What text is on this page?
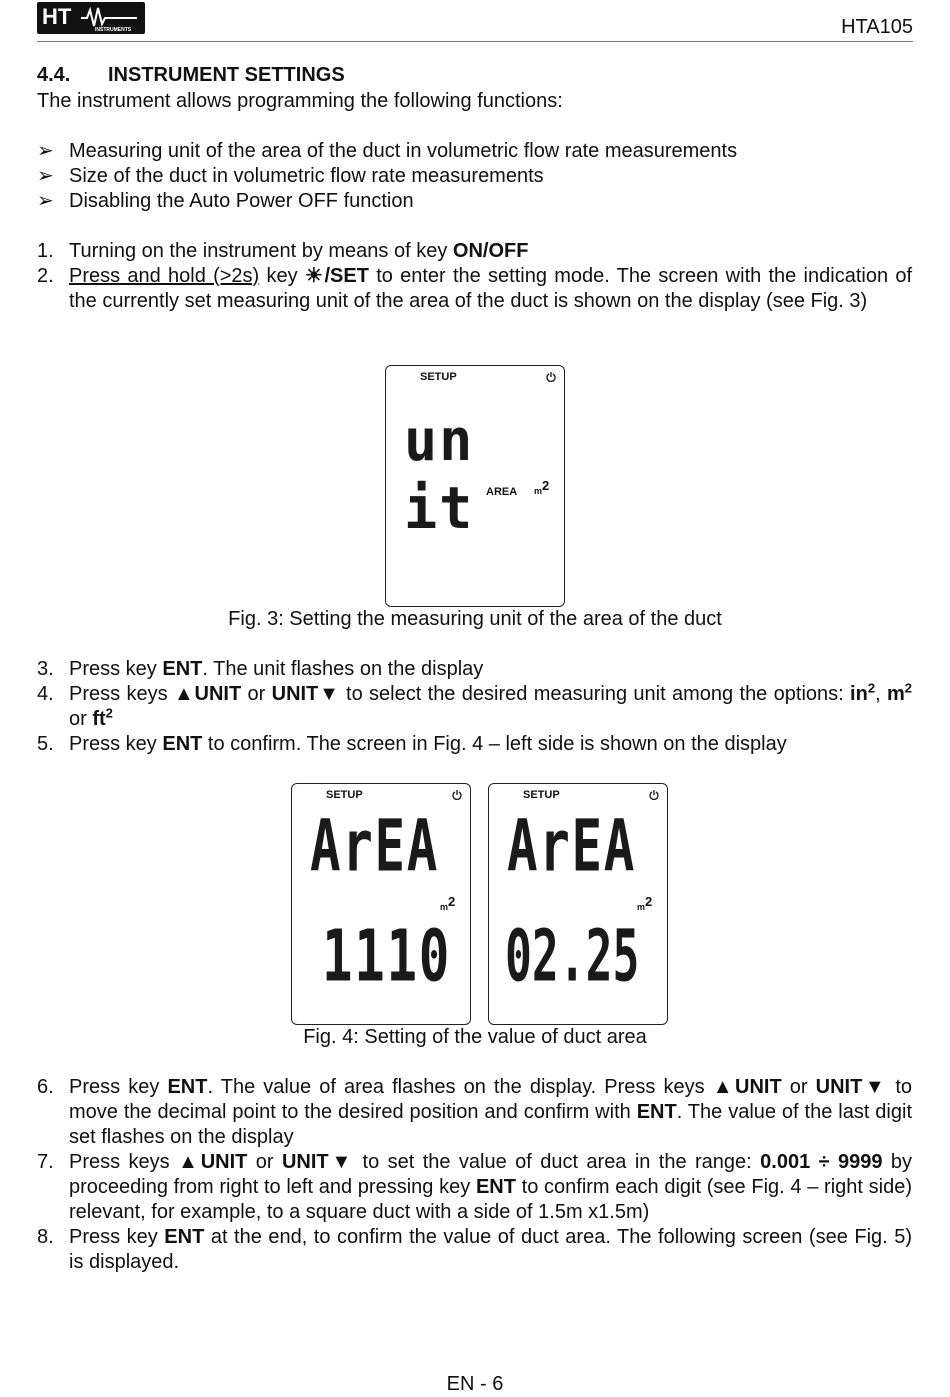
HT
INSTRUMENTS	HTA105
4.4. INSTRUMENT SETTINGS
The instrument allows programming the following functions:
➢ Measuring unit of the area of the duct in volumetric flow rate measurements
➢ Size of the duct in volumetric flow rate measurements
➢ Disabling the Auto Power OFF function
1. Turning on the instrument by means of key ON/OFF
2. Press and hold (>2s) key ☀/SET to enter the setting mode. The screen with the indication of the currently set measuring unit of the area of the duct is shown on the display (see Fig. 3)
SETUP
un it	AREA $m^2$
Fig. 3: Setting the measuring unit of the area of the duct
3. Press key ENT. The unit flashes on the display
4. Press keys ▲UNIT or UNIT▼ to select the desired measuring unit among the options: $in^2$, $m^2$ or $ft^2$
5. Press key ENT to confirm. The screen in Fig. 4 – left side is shown on the display
SETUP
ArEA
$m^2$
1110
SETUP
ArEA
$m^2$
02.25
Fig. 4: Setting of the value of duct area
6. Press key ENT. The value of area flashes on the display. Press keys ▲UNIT or UNIT▼ to move the decimal point to the desired position and confirm with ENT. The value of the last digit set flashes on the display
7. Press keys ▲UNIT or UNIT▼ to set the value of duct area in the range: 0.001 ÷ 9999 by proceeding from right to left and pressing key ENT to confirm each digit (see Fig. 4 – right side) relevant, for example, to a square duct with a side of 1.5m x1.5m)
8. Press key ENT at the end, to confirm the value of duct area. The following screen (see Fig. 5) is displayed.
EN - 6
